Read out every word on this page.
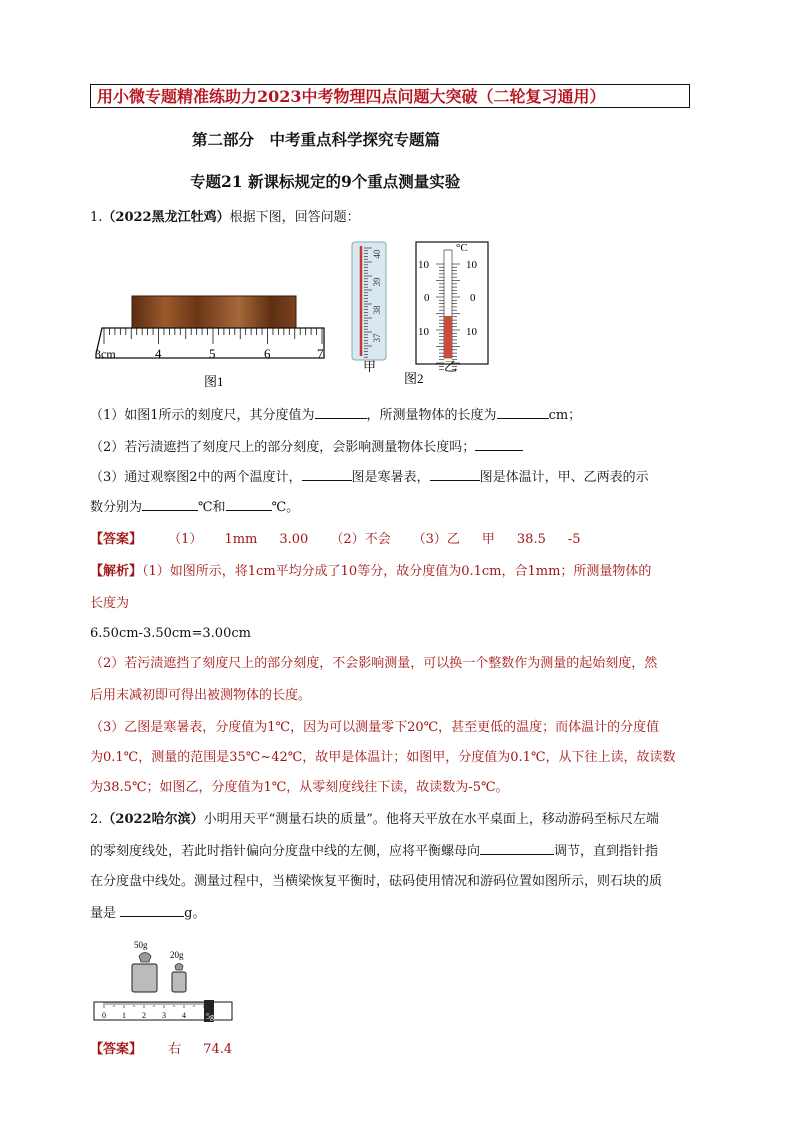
用小微专题精准练助力2023中考物理四点问题大突破（二轮复习通用）
第二部分　中考重点科学探究专题篇
专题21 新课标规定的9个重点测量实验
1.（2022黑龙江牡鸡）根据下图，回答问题：
3cm	4	5	6	7
图1
40
39
38
37
甲
°C
10	10
0	0
10	10
乙
图2
（1）如图1所示的刻度尺，其分度值为	，所测量物体的长度为	cm；
（2）若污渍遮挡了刻度尺上的部分刻度，会影响测量物体长度吗；
（3）通过观察图2中的两个温度计，	图是寒暑表，	图是体温计，甲、乙两表的示
数分别为	℃和	℃。
【答案】 （1） 1mm 3.00 （2）不会 （3）乙 甲 38.5 -5
【解析】（1）如图所示，将1cm平均分成了10等分，故分度值为0.1cm，合1mm；所测量物体的
长度为
6.50cm-3.50cm=3.00cm
（2）若污渍遮挡了刻度尺上的部分刻度，不会影响测量，可以换一个整数作为测量的起始刻度，然
后用末减初即可得出被测物体的长度。
（3）乙图是寒暑表，分度值为1℃，因为可以测量零下20℃，甚至更低的温度；而体温计的分度值
为0.1℃，测量的范围是35℃~42℃，故甲是体温计；如图甲，分度值为0.1℃，从下往上读，故读数
为38.5℃；如图乙，分度值为1℃，从零刻度线往下读，故读数为-5℃。
2.（2022哈尔滨）小明用天平“测量石块的质量”。他将天平放在水平桌面上，移动游码至标尺左端
的零刻度线处，若此时指针偏向分度盘中线的左侧，应将平衡螺母向	调节，直到指针指
在分度盘中线处。测量过程中，当横梁恢复平衡时，砝码使用情况和游码位置如图所示，则石块的质
量是	g。
50g
20g
0 1 2 3 4	5g
【答案】 右 74.4
